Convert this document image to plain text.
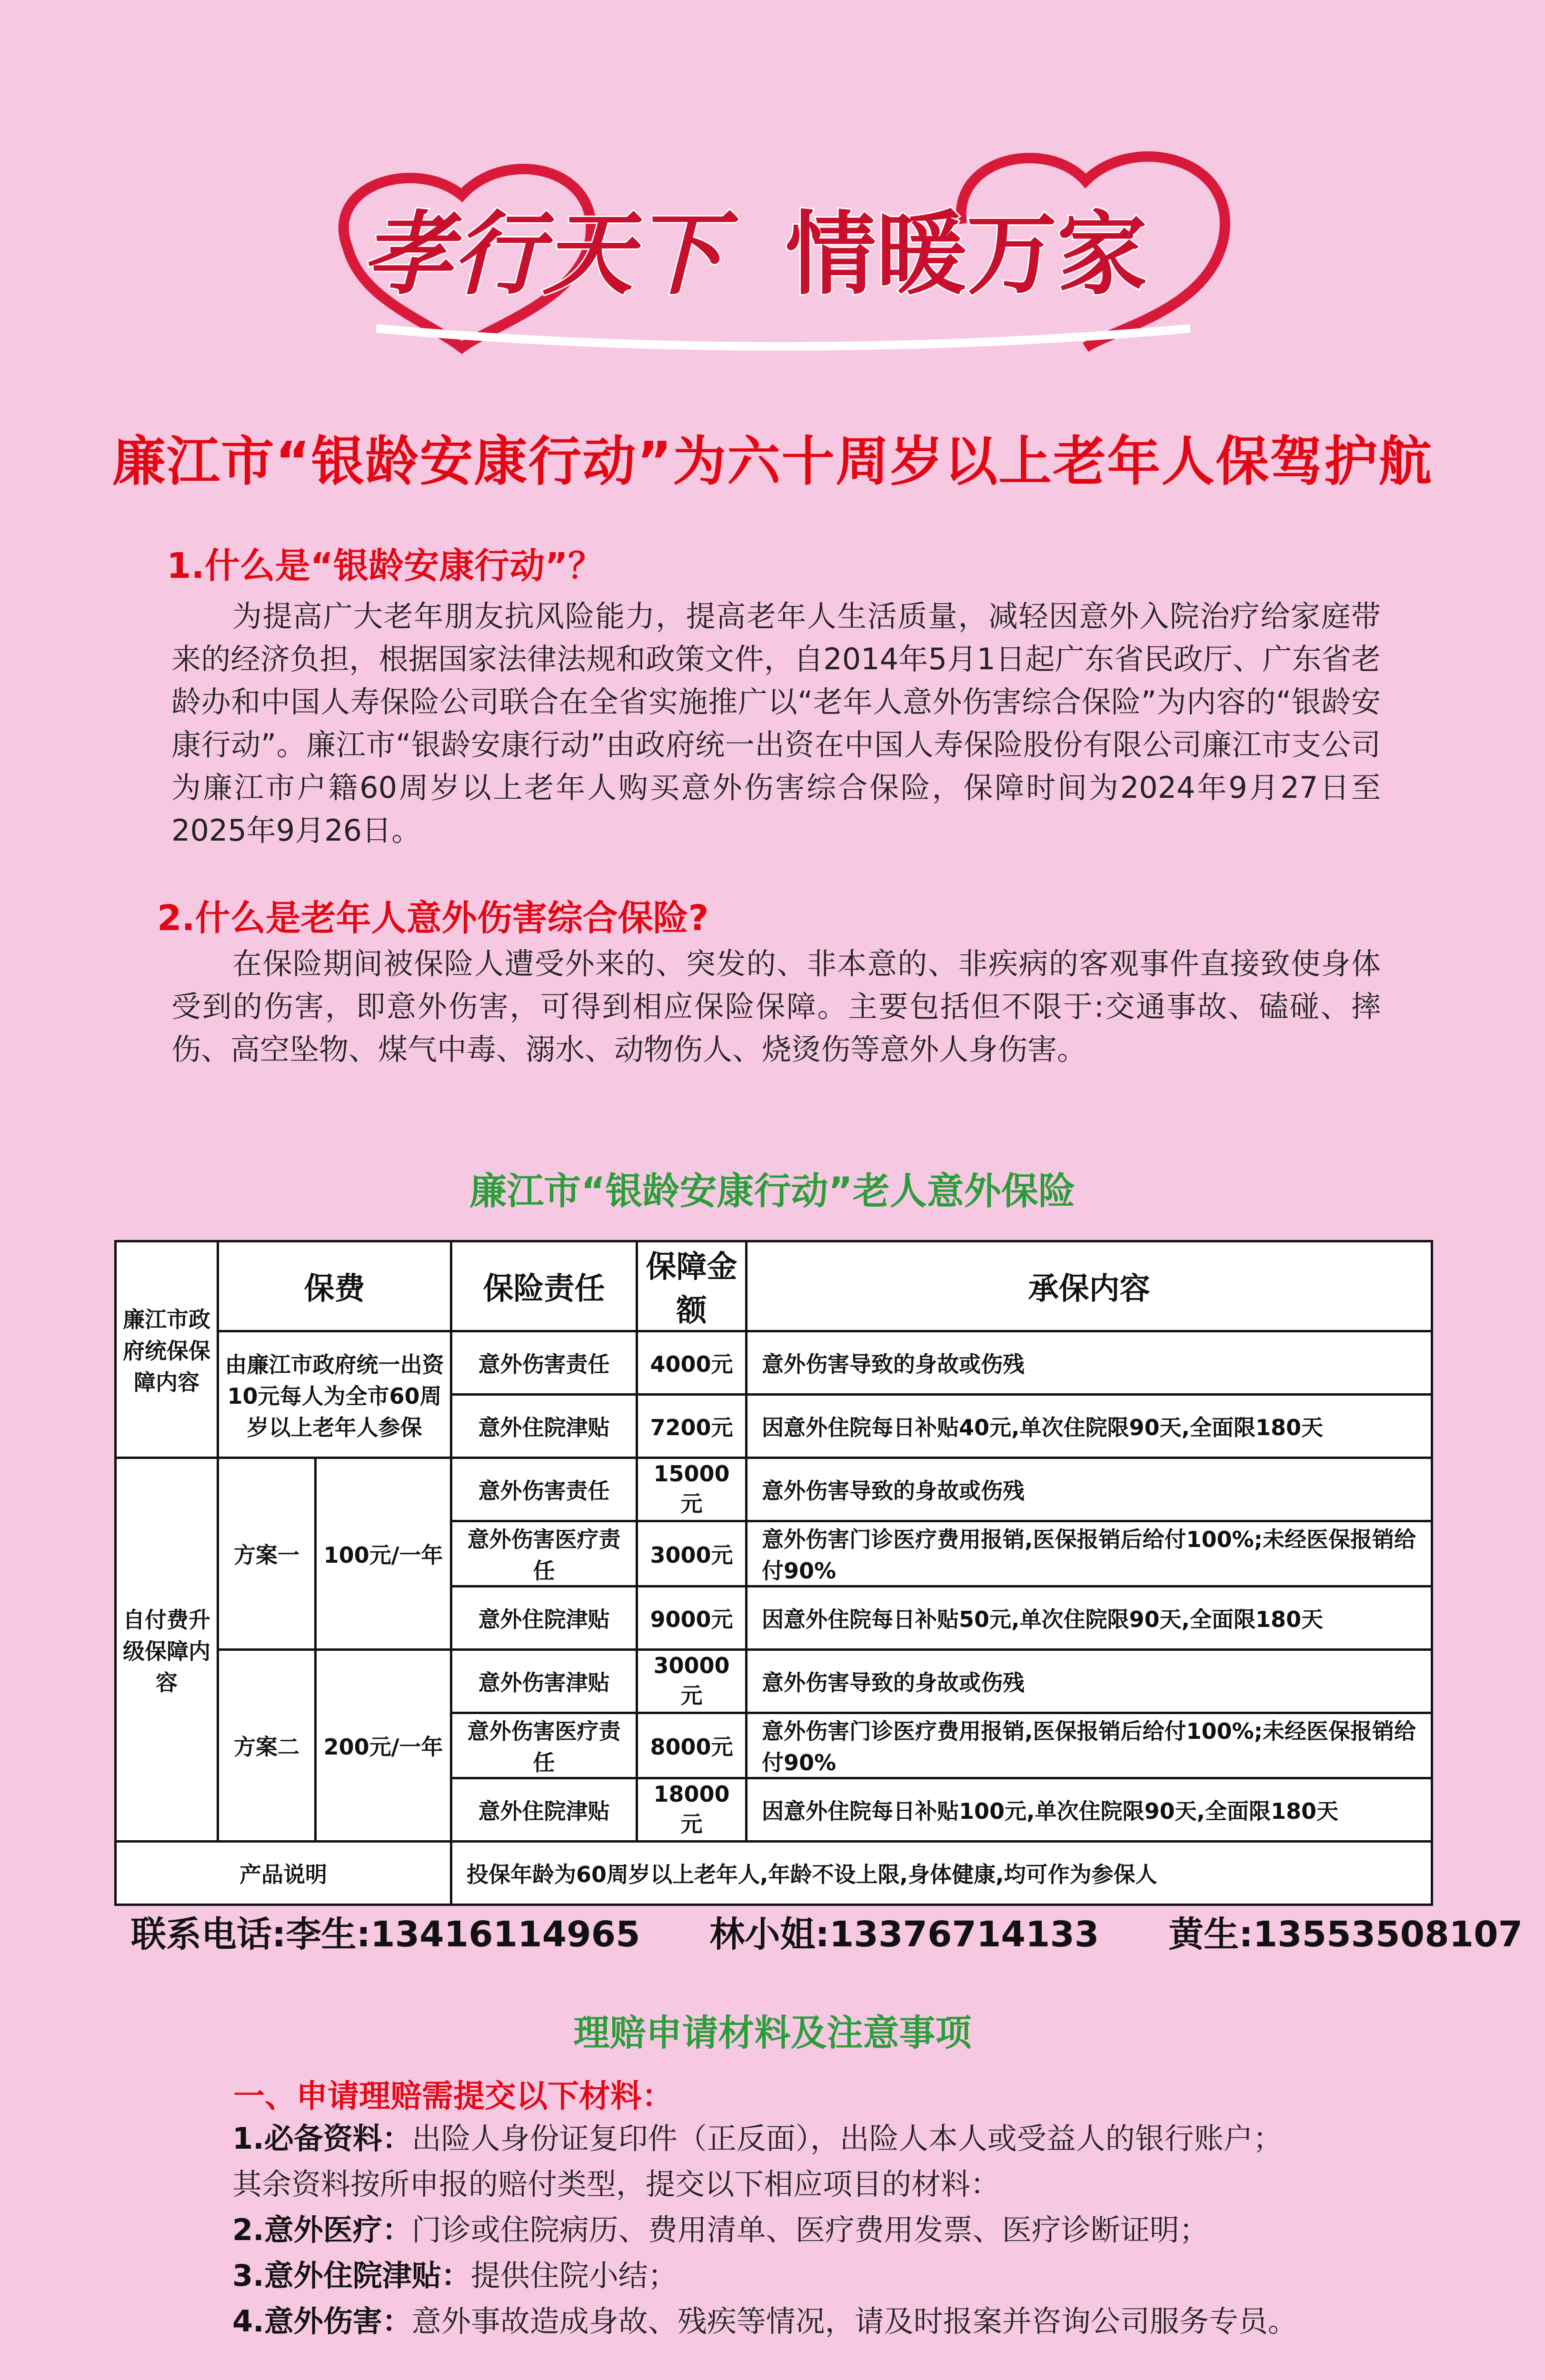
孝行天下 情暖万家
廉江市“银龄安康行动”为六十周岁以上老年人保驾护航
1.什么是“银龄安康行动”？
为提高广大老年朋友抗风险能力，提高老年人生活质量，减轻因意外入院治疗给家庭带来的经济负担，根据国家法律法规和政策文件，自2014年5月1日起广东省民政厅、广东省老龄办和中国人寿保险公司联合在全省实施推广以“老年人意外伤害综合保险”为内容的“银龄安康行动”。廉江市“银龄安康行动”由政府统一出资在中国人寿保险股份有限公司廉江市支公司为廉江市户籍60周岁以上老年人购买意外伤害综合保险，保障时间为2024年9月27日至2025年9月26日。
2.什么是老年人意外伤害综合保险?
在保险期间被保险人遭受外来的、突发的、非本意的、非疾病的客观事件直接致使身体受到的伤害，即意外伤害，可得到相应保险保障。主要包括但不限于:交通事故、磕碰、摔伤、高空坠物、煤气中毒、溺水、动物伤人、烧烫伤等意外人身伤害。
廉江市“银龄安康行动”老人意外保险
廉江市政府统保保障内容	保费		保险责任	保障金额	承保内容
	由廉江市政府统一出资10元每人为全市60周岁以上老年人参保		意外伤害责任	4000元	意外伤害导致的身故或伤残
			意外住院津贴	7200元	因意外住院每日补贴40元,单次住院限90天,全面限180天
自付费升级保障内容	方案一	100元/一年	意外伤害责任	15000元	意外伤害导致的身故或伤残
			意外伤害医疗责任	3000元	意外伤害门诊医疗费用报销,医保报销后给付100%;未经医保报销给付90%
			意外住院津贴	9000元	因意外住院每日补贴50元,单次住院限90天,全面限180天
	方案二	200元/一年	意外伤害津贴	30000元	意外伤害导致的身故或伤残
			意外伤害医疗责任	8000元	意外伤害门诊医疗费用报销,医保报销后给付100%;未经医保报销给付90%
			意外住院津贴	18000元	因意外住院每日补贴100元,单次住院限90天,全面限180天
产品说明			投保年龄为60周岁以上老年人,年龄不设上限,身体健康,均可作为参保人		
联系电话:李生:13416114965 林小姐:13376714133 黄生:13553508107
理赔申请材料及注意事项
一、申请理赔需提交以下材料：
1.必备资料：出险人身份证复印件（正反面），出险人本人或受益人的银行账户；
其余资料按所申报的赔付类型，提交以下相应项目的材料：
2.意外医疗：门诊或住院病历、费用清单、医疗费用发票、医疗诊断证明；
3.意外住院津贴：提供住院小结；
4.意外伤害：意外事故造成身故、残疾等情况，请及时报案并咨询公司服务专员。
